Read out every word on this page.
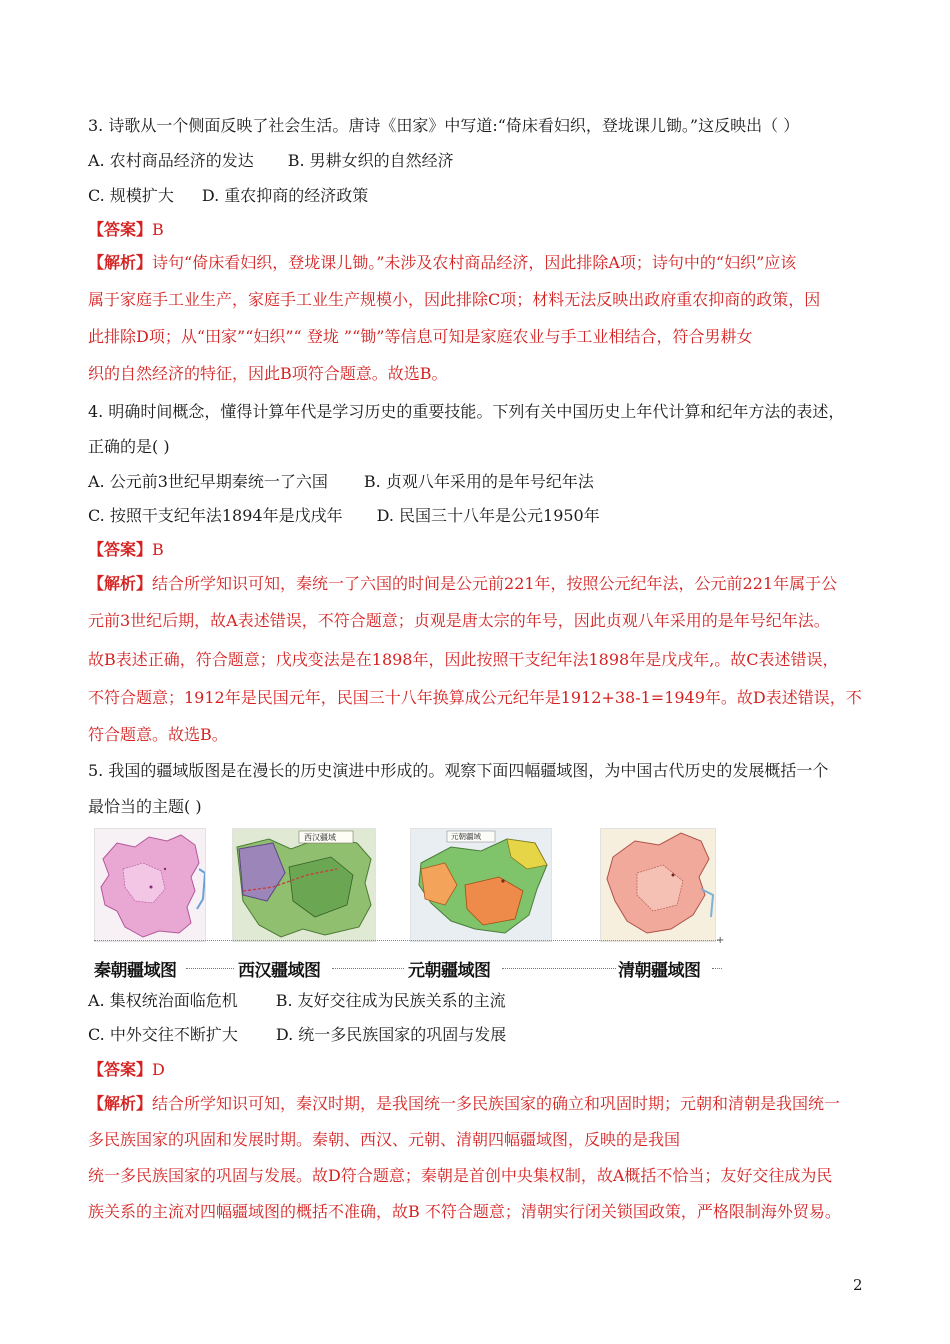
3. 诗歌从一个侧面反映了社会生活。唐诗《田家》中写道:“倚床看妇织，登垅课儿锄。”这反映出（ ）
A. 农村商品经济的发达 B. 男耕女织的自然经济
C. 规模扩大 D. 重农抑商的经济政策
【答案】B
【解析】诗句“倚床看妇织，登垅课儿锄。”未涉及农村商品经济，因此排除A项；诗句中的“妇织”应该
属于家庭手工业生产，家庭手工业生产规模小，因此排除C项；材料无法反映出政府重农抑商的政策，因
此排除D项；从“田家”“妇织”“ 登垅 ”“锄”等信息可知是家庭农业与手工业相结合，符合男耕女
织的自然经济的特征，因此B项符合题意。故选B。
4. 明确时间概念，懂得计算年代是学习历史的重要技能。下列有关中国历史上年代计算和纪年方法的表述，
正确的是( )
A. 公元前3世纪早期秦统一了六国 B. 贞观八年采用的是年号纪年法
C. 按照干支纪年法1894年是戊戌年 D. 民国三十八年是公元1950年
【答案】B
【解析】结合所学知识可知，秦统一了六国的时间是公元前221年，按照公元纪年法，公元前221年属于公
元前3世纪后期，故A表述错误，不符合题意；贞观是唐太宗的年号，因此贞观八年采用的是年号纪年法。
故B表述正确，符合题意；戊戌变法是在1898年，因此按照干支纪年法1898年是戊戌年,。故C表述错误，
不符合题意；1912年是民国元年，民国三十八年换算成公元纪年是1912+38-1=1949年。故D表述错误，不
符合题意。故选B。
5. 我国的疆域版图是在漫长的历史演进中形成的。观察下面四幅疆域图，为中国古代历史的发展概括一个
最恰当的主题( )
西汉疆域	元朝疆域
+
秦朝疆域图	西汉疆域图	元朝疆域图	清朝疆域图
A. 集权统治面临危机 B. 友好交往成为民族关系的主流
C. 中外交往不断扩大 D. 统一多民族国家的巩固与发展
【答案】D
【解析】结合所学知识可知，秦汉时期，是我国统一多民族国家的确立和巩固时期；元朝和清朝是我国统一
多民族国家的巩固和发展时期。秦朝、西汉、元朝、清朝四幅疆域图，反映的是我国
统一多民族国家的巩固与发展。故D符合题意；秦朝是首创中央集权制，故A概括不恰当；友好交往成为民
族关系的主流对四幅疆域图的概括不准确，故B 不符合题意；清朝实行闭关锁国政策，严格限制海外贸易。
2
